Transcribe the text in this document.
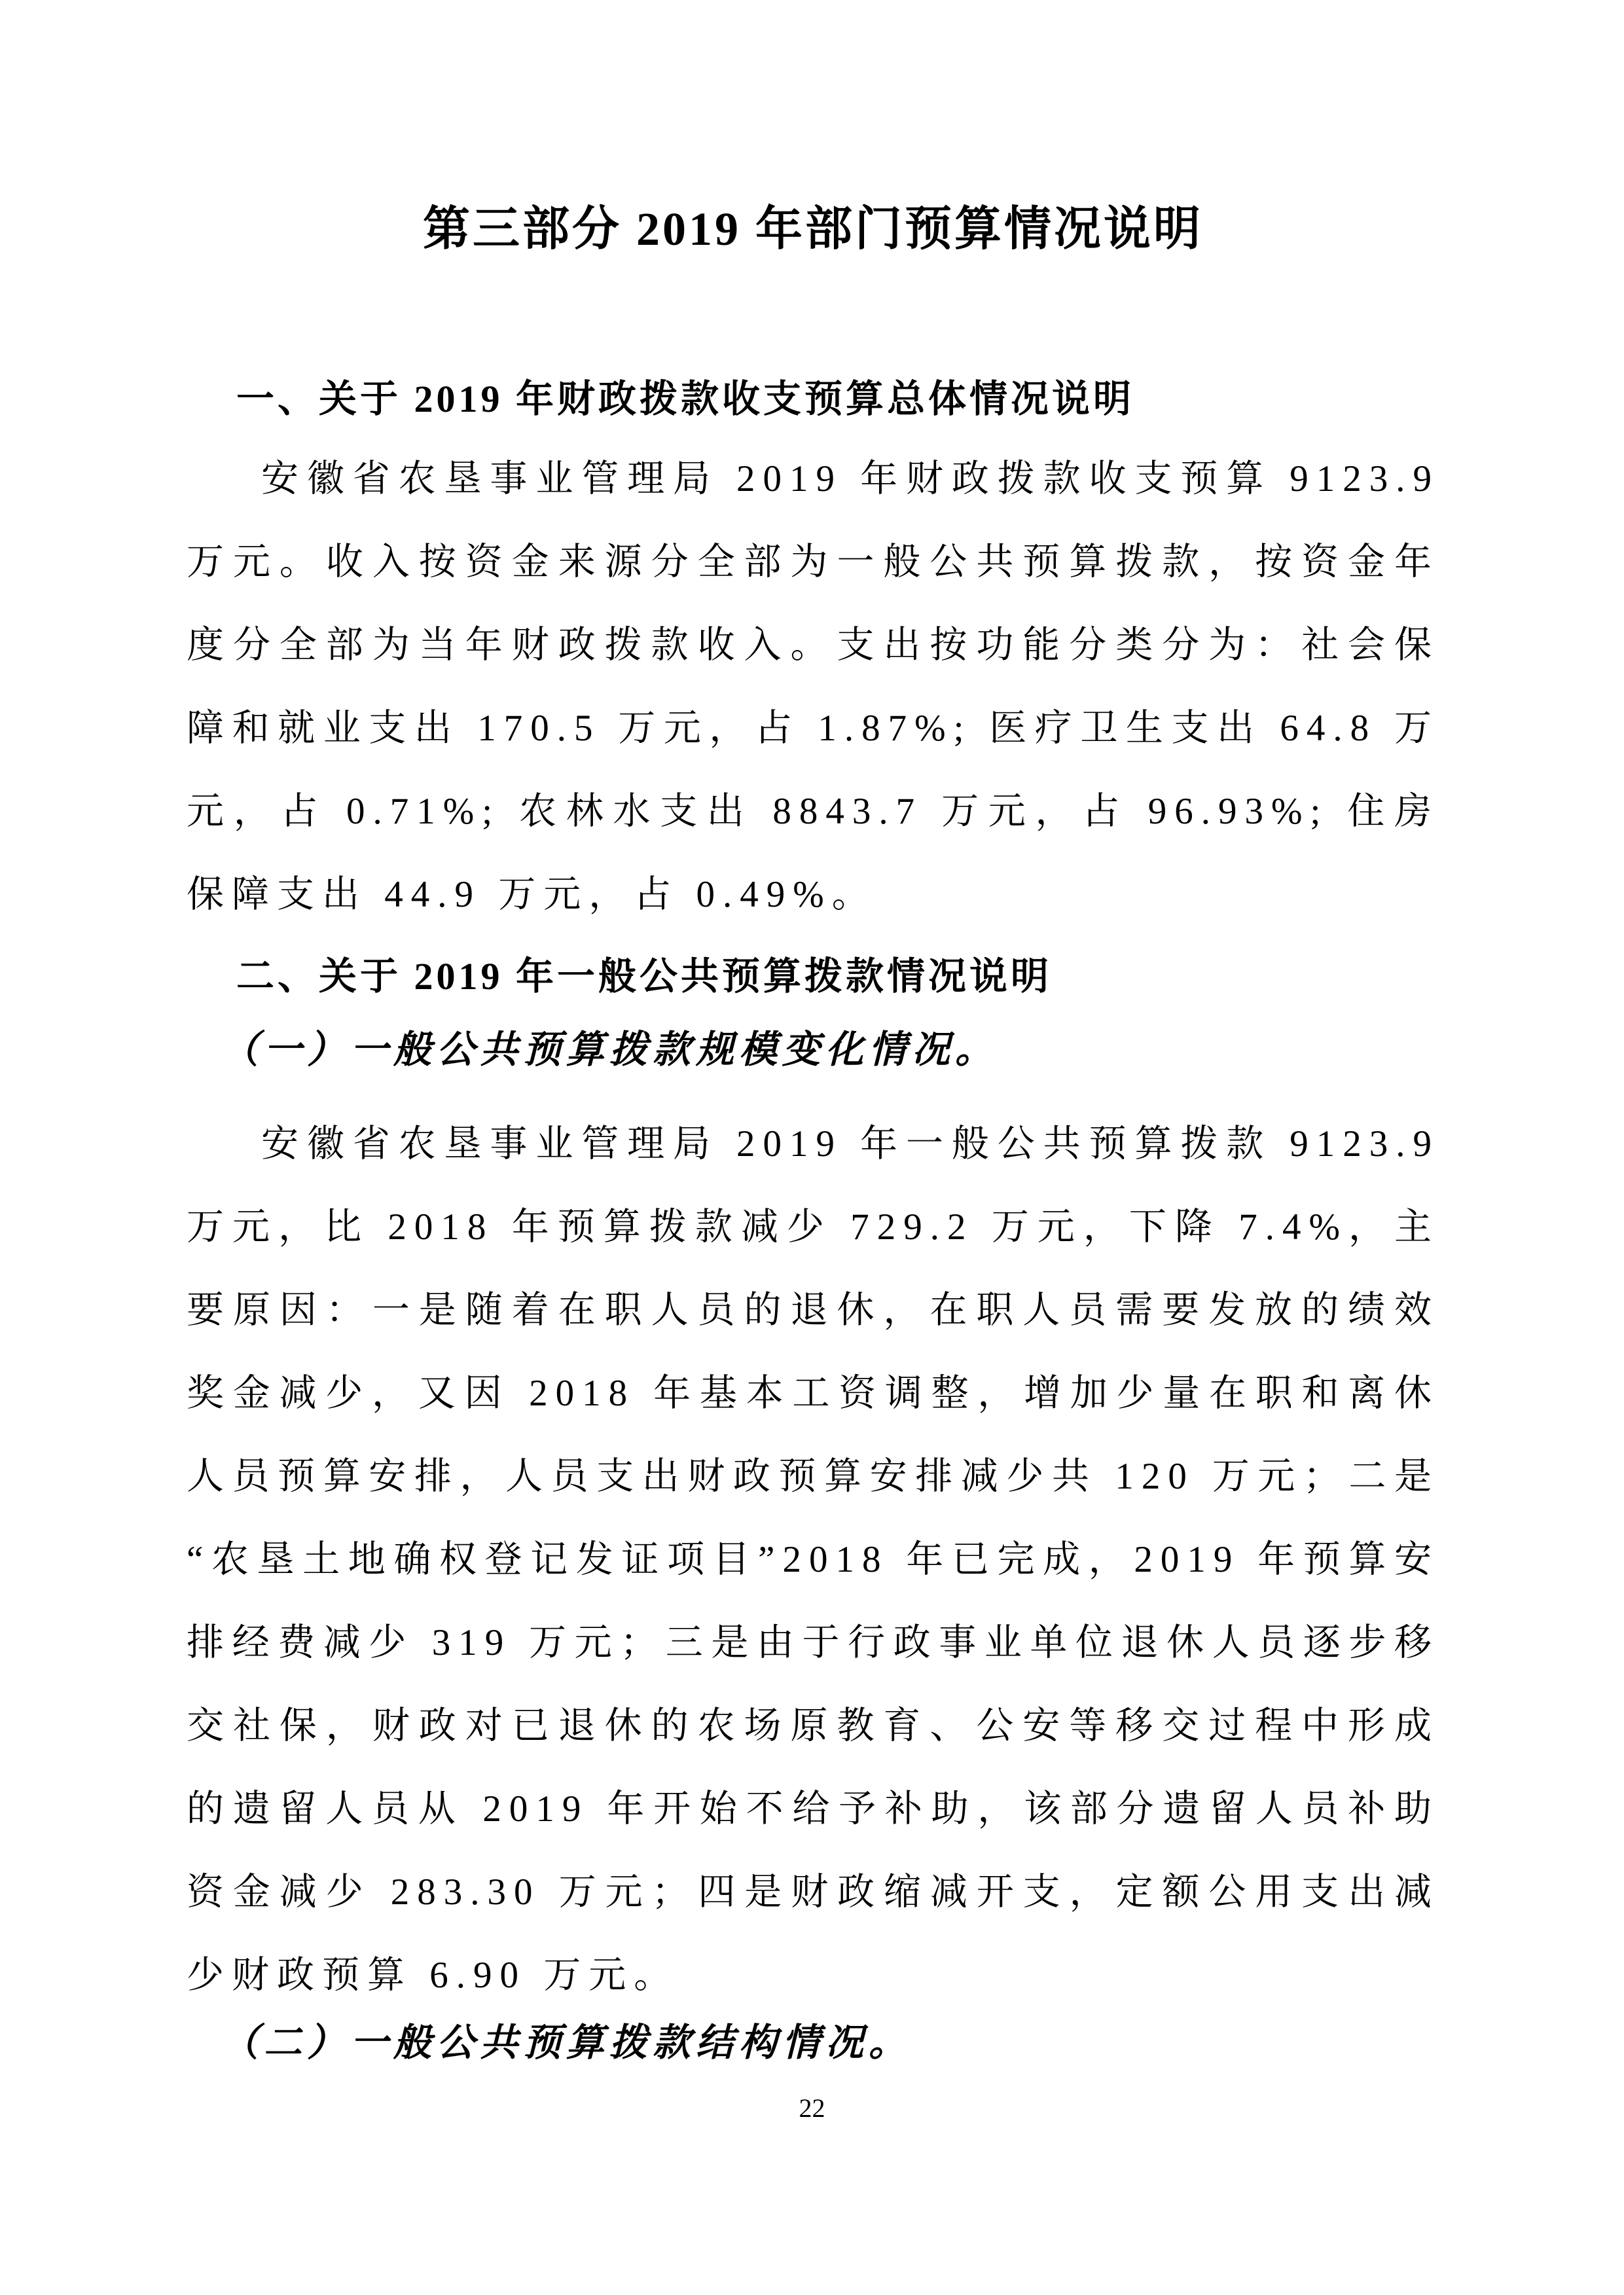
第三部分 2019 年部门预算情况说明
一、关于 2019 年财政拨款收支预算总体情况说明

安徽省农垦事业管理局 2019 年财政拨款收支预算 9123.9 万元。收入按资金来源分全部为一般公共预算拨款，按资金年度分全部为当年财政拨款收入。支出按功能分类分为：社会保障和就业支出 170.5 万元，占 1.87%; 医疗卫生支出 64.8 万元，占 0.71%; 农林水支出 8843.7 万元，占 96.93%; 住房保障支出 44.9 万元，占 0.49%。

二、关于 2019 年一般公共预算拨款情况说明
（一）一般公共预算拨款规模变化情况。

安徽省农垦事业管理局 2019 年一般公共预算拨款 9123.9 万元，比 2018 年预算拨款减少 729.2 万元，下降 7.4%，主要原因：一是随着在职人员的退休，在职人员需要发放的绩效奖金减少，又因 2018 年基本工资调整，增加少量在职和离休人员预算安排，人员支出财政预算安排减少共 120 万元；二是“农垦土地确权登记发证项目”2018 年已完成，2019 年预算安排经费减少 319 万元；三是由于行政事业单位退休人员逐步移交社保，财政对已退休的农场原教育、公安等移交过程中形成的遗留人员从 2019 年开始不给予补助，该部分遗留人员补助资金减少 283.30 万元；四是财政缩减开支，定额公用支出减少财政预算 6.90 万元。

（二）一般公共预算拨款结构情况。
22
